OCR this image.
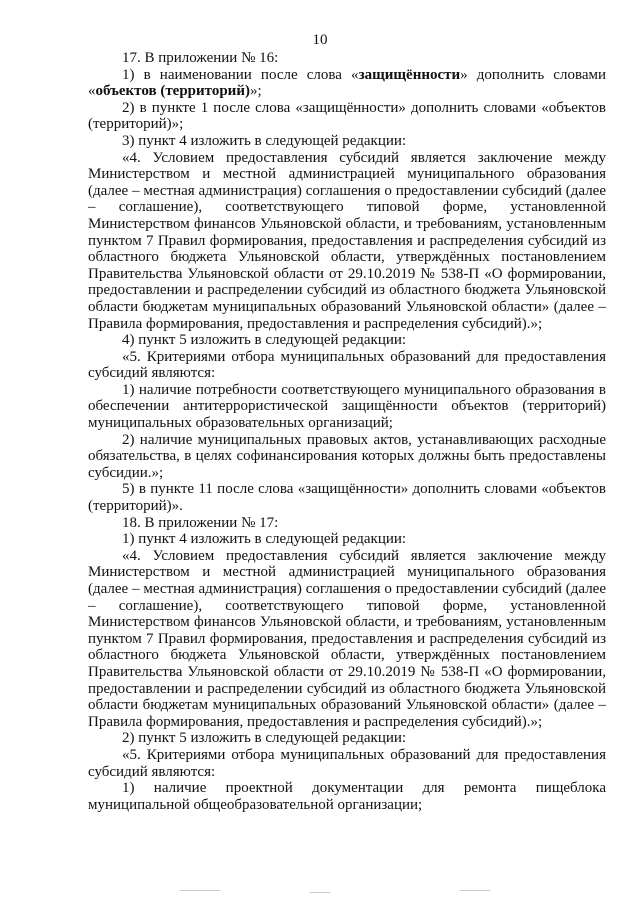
10

17. В приложении № 16:

1) в наименовании после слова «защищённости» дополнить словами «объектов (территорий)»;

2) в пункте 1 после слова «защищённости» дополнить словами «объектов (территорий)»;

3) пункт 4 изложить в следующей редакции:

«4. Условием предоставления субсидий является заключение между Министерством и местной администрацией муниципального образования (далее – местная администрация) соглашения о предоставлении субсидий (далее – соглашение), соответствующего типовой форме, установленной Министерством финансов Ульяновской области, и требованиям, установленным пунктом 7 Правил формирования, предоставления и распределения субсидий из областного бюджета Ульяновской области, утверждённых постановлением Правительства Ульяновской области от 29.10.2019 № 538-П «О формировании, предоставлении и распределении субсидий из областного бюджета Ульяновской области бюджетам муниципальных образований Ульяновской области» (далее – Правила формирования, предоставления и распределения субсидий).»;

4) пункт 5 изложить в следующей редакции:

«5. Критериями отбора муниципальных образований для предоставления субсидий являются:

1) наличие потребности соответствующего муниципального образования в обеспечении антитеррористической защищённости объектов (территорий) муниципальных образовательных организаций;

2) наличие муниципальных правовых актов, устанавливающих расходные обязательства, в целях софинансирования которых должны быть предоставлены субсидии.»;

5) в пункте 11 после слова «защищённости» дополнить словами «объектов (территорий)».

18. В приложении № 17:

1) пункт 4 изложить в следующей редакции:

«4. Условием предоставления субсидий является заключение между Министерством и местной администрацией муниципального образования (далее – местная администрация) соглашения о предоставлении субсидий (далее – соглашение), соответствующего типовой форме, установленной Министерством финансов Ульяновской области, и требованиям, установленным пунктом 7 Правил формирования, предоставления и распределения субсидий из областного бюджета Ульяновской области, утверждённых постановлением Правительства Ульяновской области от 29.10.2019 № 538-П «О формировании, предоставлении и распределении субсидий из областного бюджета Ульяновской области бюджетам муниципальных образований Ульяновской области» (далее – Правила формирования, предоставления и распределения субсидий).»;

2) пункт 5 изложить в следующей редакции:

«5. Критериями отбора муниципальных образований для предоставления субсидий являются:

1) наличие проектной документации для ремонта пищеблока муниципальной общеобразовательной организации;
